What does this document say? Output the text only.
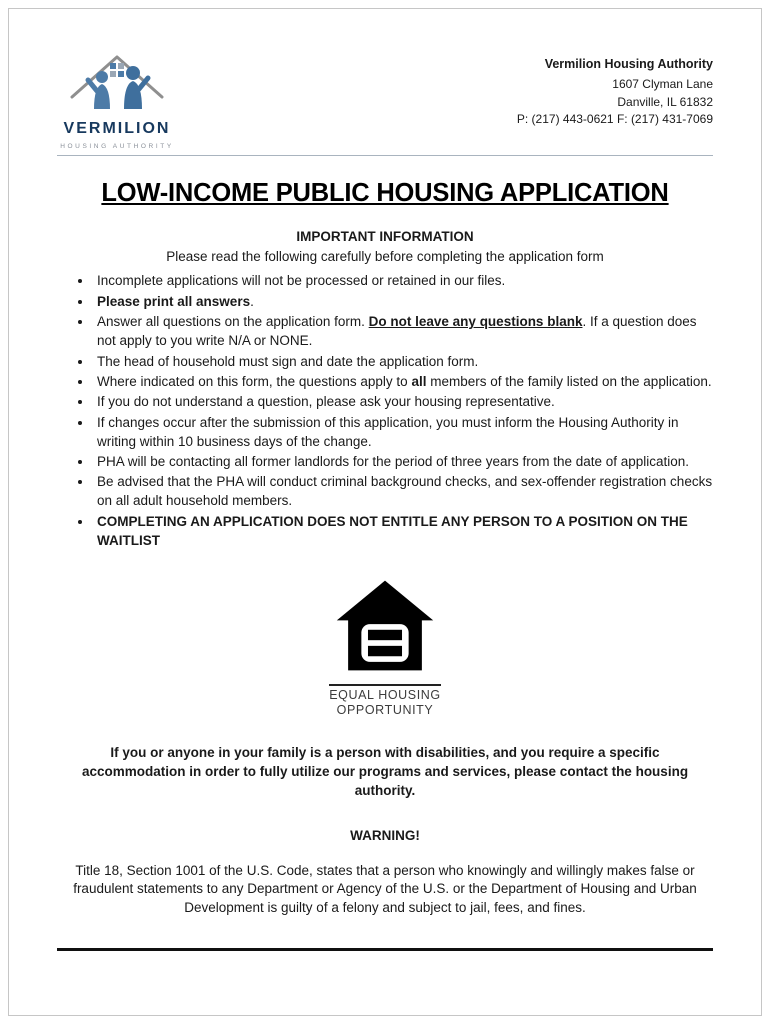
VERMILION
HOUSING AUTHORITY
Vermilion Housing Authority
1607 Clyman Lane
Danville, IL 61832
P: (217) 443-0621 F: (217) 431-7069
LOW-INCOME PUBLIC HOUSING APPLICATION
IMPORTANT INFORMATION
Please read the following carefully before completing the application form
• Incomplete applications will not be processed or retained in our files.
• Please print all answers.
• Answer all questions on the application form. Do not leave any questions blank. If a question does not apply to you write N/A or NONE.
• The head of household must sign and date the application form.
• Where indicated on this form, the questions apply to all members of the family listed on the application.
• If you do not understand a question, please ask your housing representative.
• If changes occur after the submission of this application, you must inform the Housing Authority in writing within 10 business days of the change.
• PHA will be contacting all former landlords for the period of three years from the date of application.
• Be advised that the PHA will conduct criminal background checks, and sex-offender registration checks on all adult household members.
• COMPLETING AN APPLICATION DOES NOT ENTITLE ANY PERSON TO A POSITION ON THE WAITLIST

EQUAL HOUSING
OPPORTUNITY

If you or anyone in your family is a person with disabilities, and you require a specific accommodation in order to fully utilize our programs and services, please contact the housing authority.

WARNING!

Title 18, Section 1001 of the U.S. Code, states that a person who knowingly and willingly makes false or fraudulent statements to any Department or Agency of the U.S. or the Department of Housing and Urban Development is guilty of a felony and subject to jail, fees, and fines.
